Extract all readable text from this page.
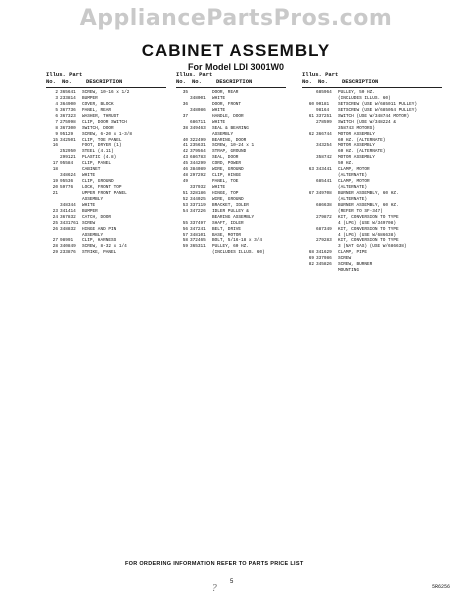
AppliancePartsPros.com
CABINET ASSEMBLY
For Model LDI 3001W0
Illus. Part
No. No.	DESCRIPTION
2 365641 SCREW, 10-16 x 1/2
3 233814 BUMPER
4 364900 COVER, BLOCK
5 367736 PANEL, REAR
6 367323 WASHER, THRUST
7 275998 CLIP, DOOR SWITCH
8 367300 SWITCH, DOOR
9 95129 SCREW, 6-20 x 1-3/8
15 342501 CLIP, TOE PANEL
16	FOOT, DRYER (1)
252950 STEEL (4.11)
299121 PLASTIC (4.8)
17 95584 CLIP, PANEL
18	CABINET
348624 WHITE
19 95536 CLIP, GROUND
20 59776 LOCK, FRONT TOP
21	UPPER FRONT PANEL
ASSEMBLY
348344 WHITE
23 341414 BUMPER
24 367832 CATCH, DOOR
25 3431761 SCREW
26 348832 HINGE AND PIN
ASSEMBLY
27 98991 CLIP, HARNESS
28 340849 SCREW, 8-32 x 1/4
29 233876 STRIKE, PANEL
Illus. Part
No. No.	DESCRIPTION
35	DOOR, REAR
348001 WHITE
36	DOOR, FRONT
348086 WHITE
37	HANDLE, DOOR
686711 WHITE
38 349463 SEAL & BEARING
ASSEMBLY
40 322499 BEARING, DOOR
41 235631 SCREW, 10-24 x 1
42 379564 STRAP, GROUND
43 686783 SEAL, DOOR
45 344299 CORD, POWER
46 384089 WIRE, GROUND
48 297292 CLIP, HINGE
49	PANEL, TOE
337932 WHITE
51 328186 HINGE, TOP
52 344025 WIRE, GROUND
53 337119 BRACKET, IDLER
54 347226 IDLER PULLEY &
BEARING ASSEMBLY
55 337497 SHAFT, IDLER
56 347241 BELT, DRIVE
57 348101 BASE, MOTOR
58 372465 BOLT, 5/16-18 x 3/4
59 365311 PULLEY, 60 HZ.
(INCLUDES ILLUS. 60)
Illus. Part
No. No.	DESCRIPTION
685964 PULLEY, 50 HZ.
(INCLUDES ILLUS. 60)
60 90181 SETSCREW (USE W/685011 PULLEY)
98164 SETSCREW (USE W/685054 PULLEY)
61 337251 SWITCH (USE W/348744 MOTOR)
278599 SWITCH (USE W/348224 &
358743 MOTORS)
62 366744 MOTOR ASSEMBLY
60 HZ. (ALTERNATE)
343254 MOTOR ASSEMBLY
60 HZ. (ALTERNATE)
358742 MOTOR ASSEMBLY
50 HZ.
63 343441 CLAMP, MOTOR
(ALTERNATE)
685441 CLAMP, MOTOR
(ALTERNATE)
67 349708 BURNER ASSEMBLY, 60 HZ.
(ALTERNATE)
686638 BURNER ASSEMBLY, 60 HZ.
(REFER TO SF-347)
279872 KIT, CONVERSION TO TYPE
4 (LPG) (USE W/349708)
687349 KIT, CONVERSION TO TYPE
4 (LPG) (USE W/686638)
279283 KIT, CONVERSION TO TYPE
3 (NAT GAS) (USE W/686638)
68 341629 CLAMP, PIPE
69 337986 SCREW
82 345826 SCREW, BURNER
MOUNTING
FOR ORDERING INFORMATION REFER TO PARTS PRICE LIST
5
?	5R6256
